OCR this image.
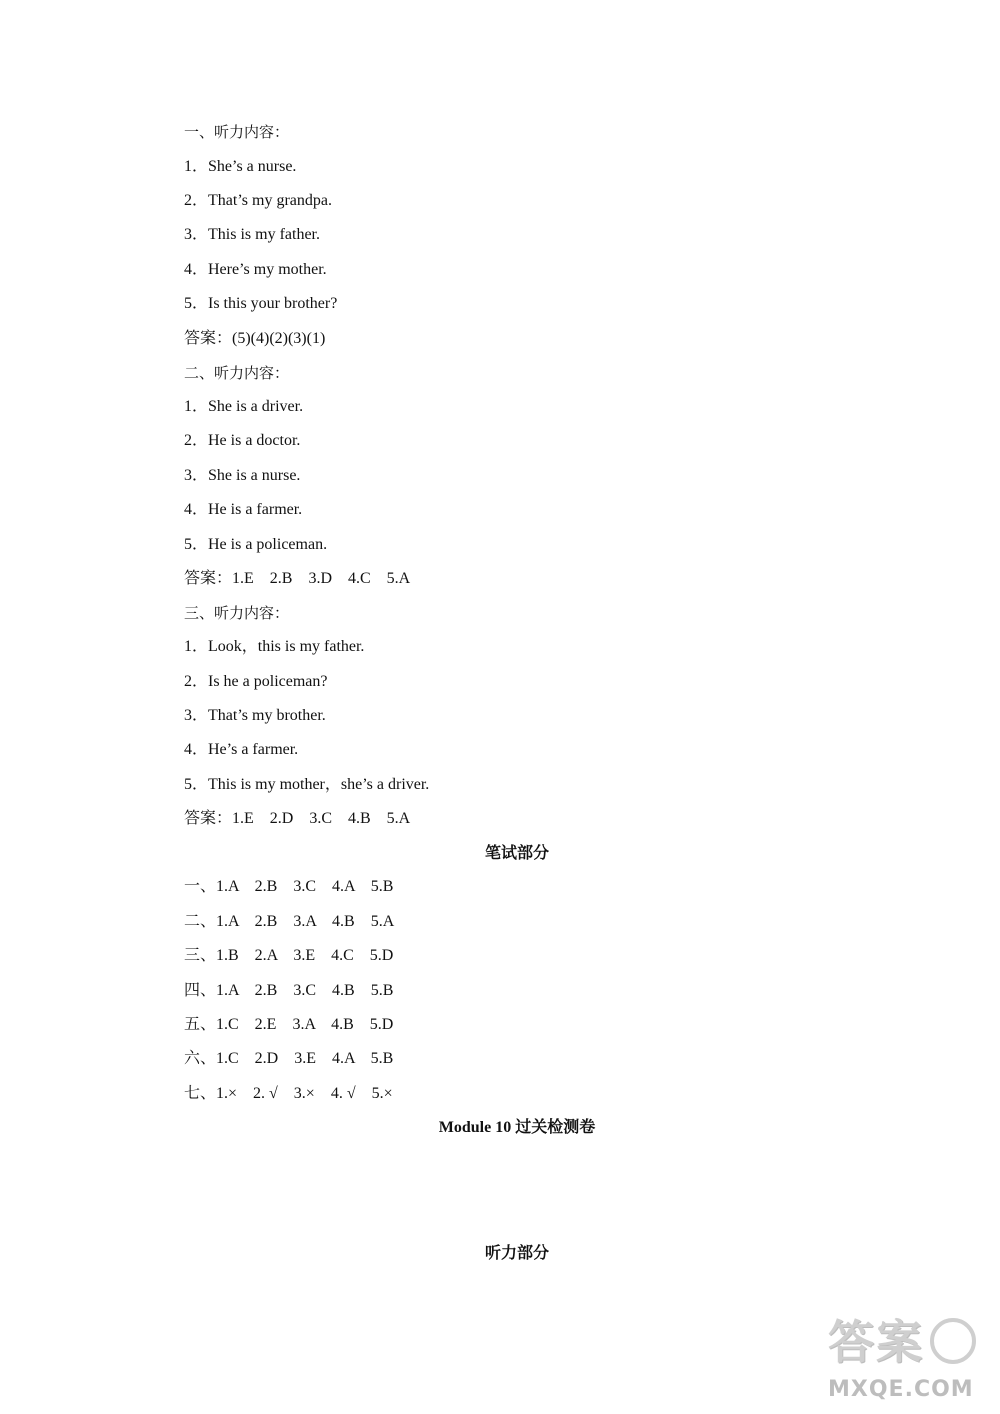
一、听力内容：
1．She’s a nurse.
2．That’s my grandpa.
3．This is my father.
4．Here’s my mother.
5．Is this your brother?
答案：(5)(4)(2)(3)(1)
二、听力内容：
1．She is a driver.
2．He is a doctor.
3．She is a nurse.
4．He is a farmer.
5．He is a policeman.
答案：1.E    2.B    3.D    4.C    5.A
三、听力内容：
1．Look，this is my father.
2．Is he a policeman?
3．That’s my brother.
4．He’s a farmer.
5．This is my mother，she’s a driver.
答案：1.E    2.D    3.C    4.B    5.A
笔试部分
一、1.A    2.B    3.C    4.A    5.B
二、1.A    2.B    3.A    4.B    5.A
三、1.B    2.A    3.E    4.C    5.D
四、1.A    2.B    3.C    4.B    5.B
五、1.C    2.E    3.A    4.B    5.D
六、1.C    2.D    3.E    4.A    5.B
七、1.×    2. √    3.×    4. √    5.×
Module 10 过关检测卷
听力部分
答案
MXQE.COM
